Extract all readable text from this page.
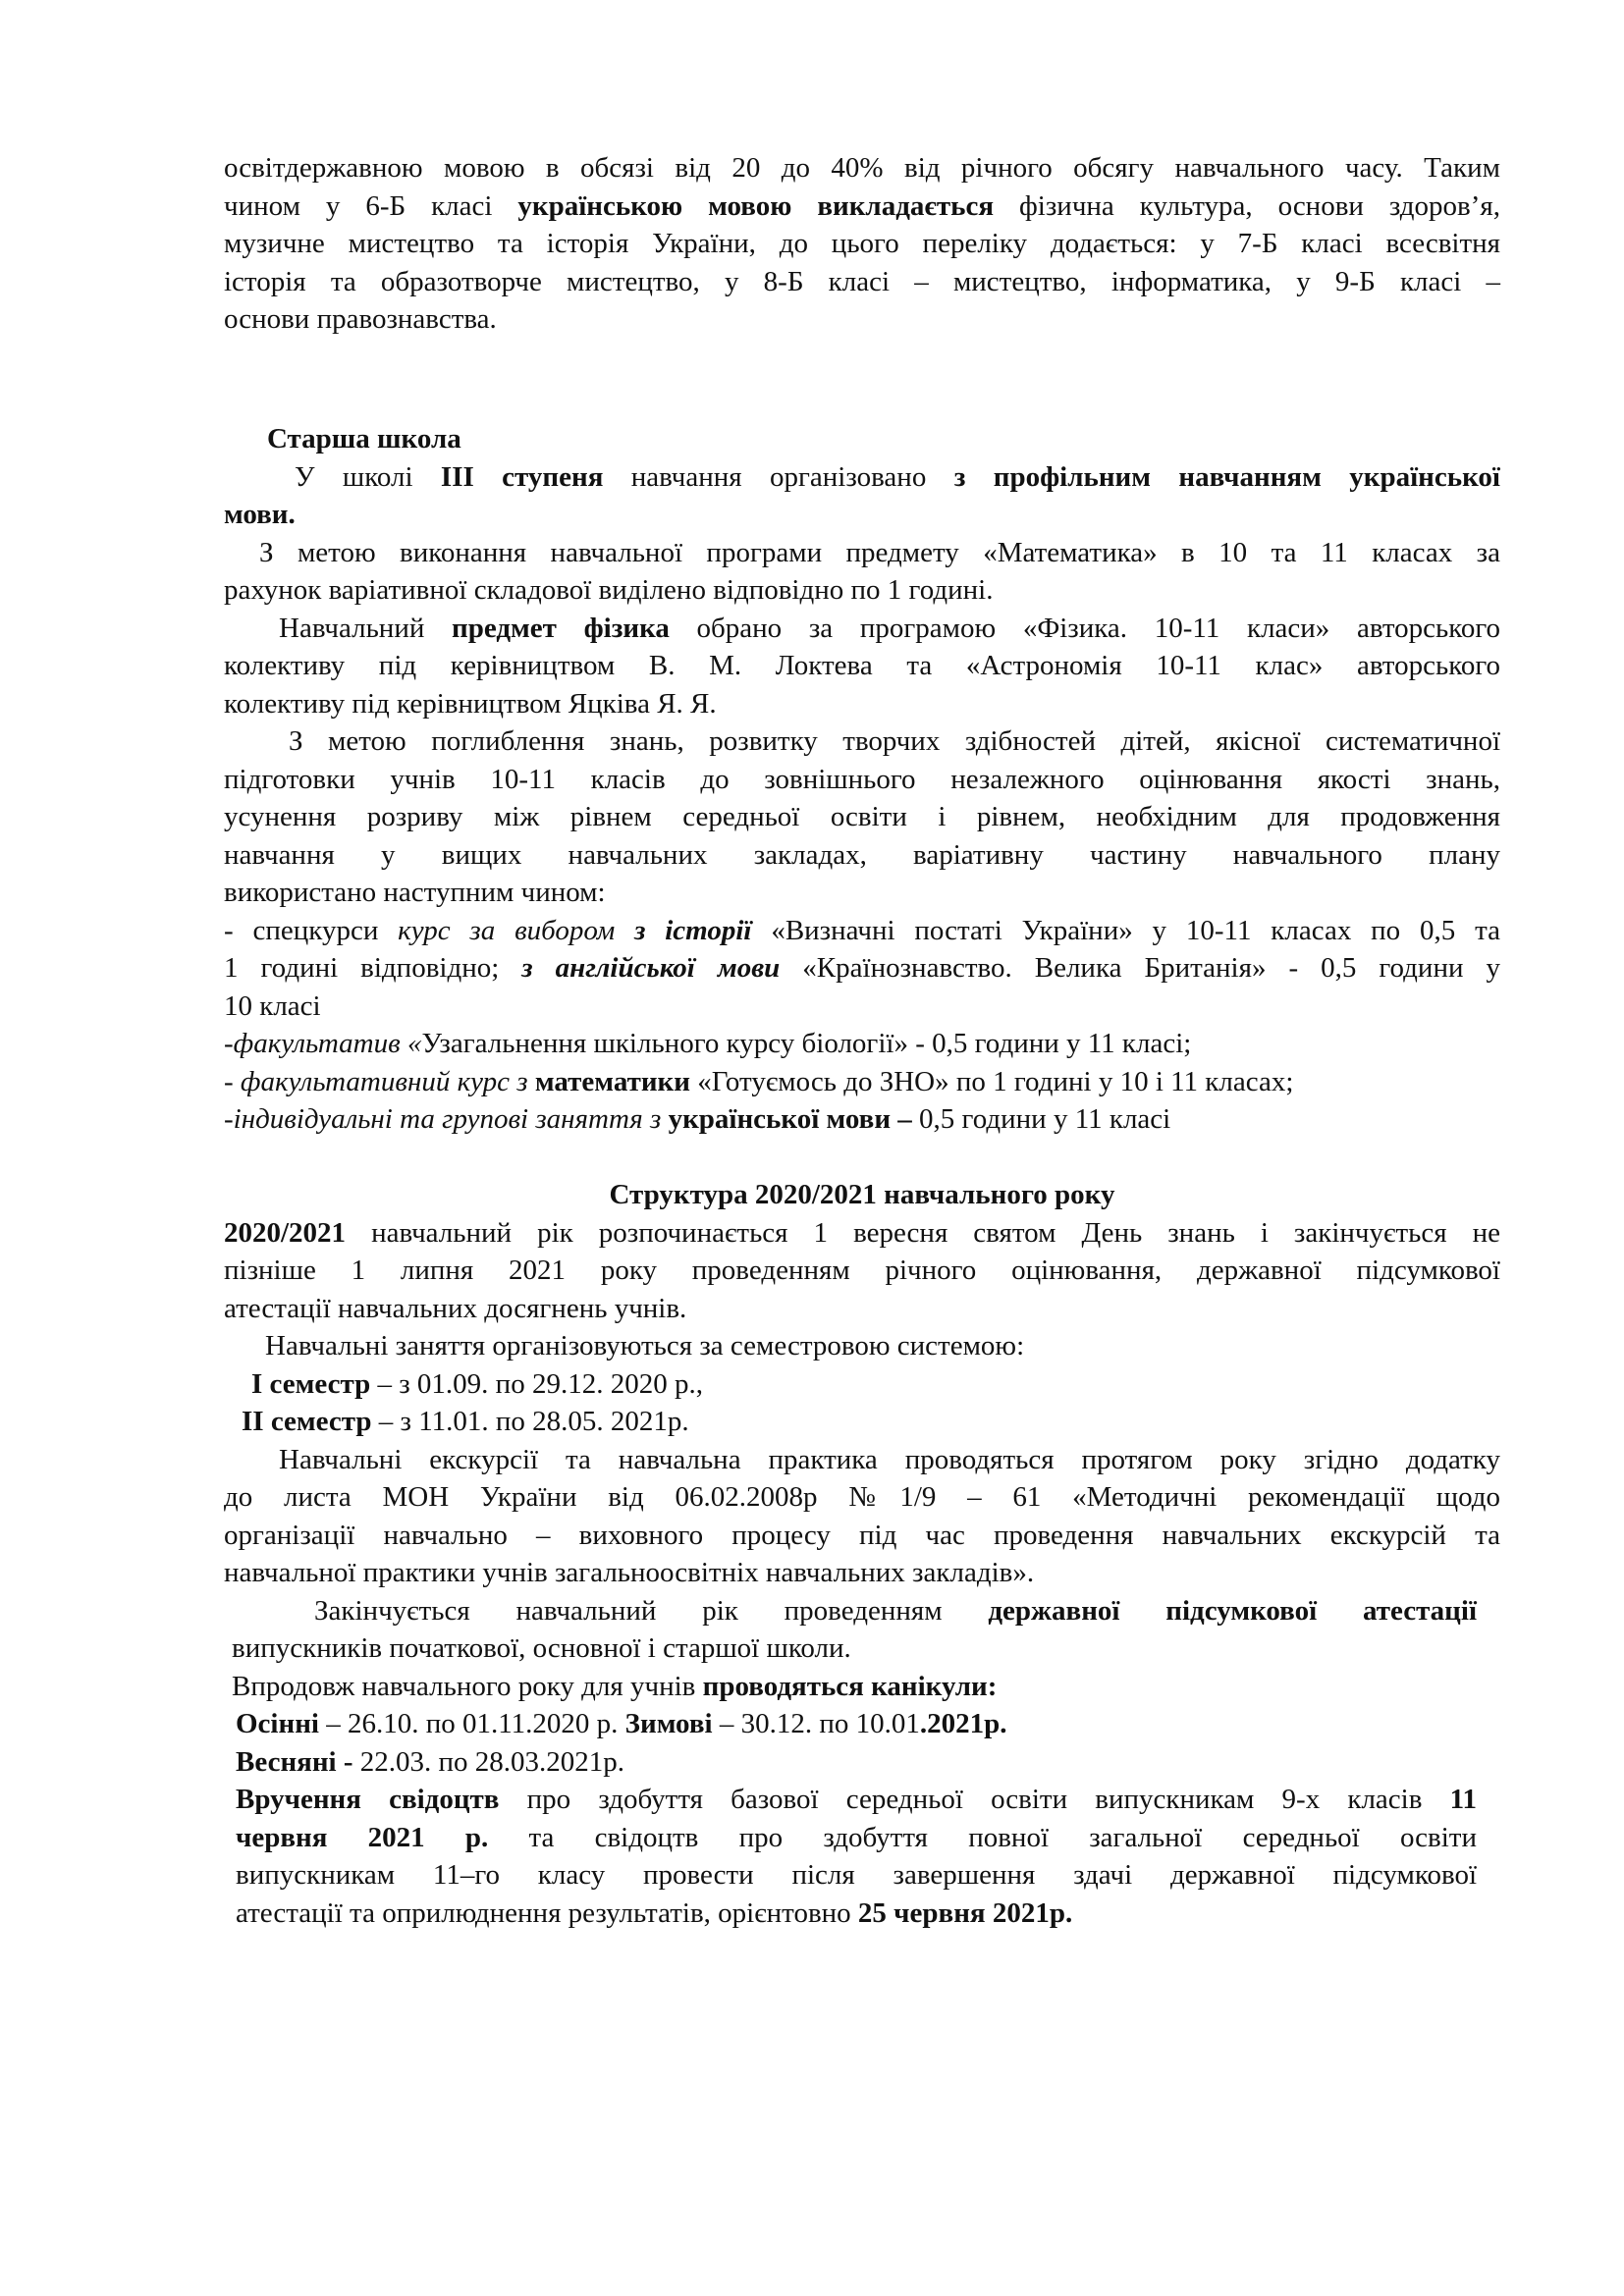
освітдержавною мовою в обсязі від 20 до 40% від річного обсягу навчального часу. Таким
чином у 6-Б класі українською мовою викладається фізична культура, основи здоров’я,
музичне мистецтво та історія України, до цього переліку додається: у 7-Б класі всесвітня
історія та образотворче мистецтво, у 8-Б класі – мистецтво, інформатика, у 9-Б класі –
основи правознавства.
Старша школа
У школі ІІІ ступеня навчання організовано з профільним навчанням української
мови.
З метою виконання навчальної програми предмету «Математика» в 10 та 11 класах за
рахунок варіативної складової виділено відповідно по 1 годині.
Навчальний предмет фізика обрано за програмою «Фізика. 10-11 класи» авторського
колективу під керівництвом В. М. Локтева та «Астрономія 10-11 клас» авторського
колективу під керівництвом Яцківа Я. Я.
З метою поглиблення знань, розвитку творчих здібностей дітей, якісної систематичної
підготовки учнів 10-11 класів до зовнішнього незалежного оцінювання якості знань,
усунення розриву між рівнем середньої освіти і рівнем, необхідним для продовження
навчання у вищих навчальних закладах, варіативну частину навчального плану
використано наступним чином:
- спецкурси курс за вибором з історії «Визначні постаті України» у 10-11 класах по 0,5 та
1 годині відповідно; з англійської мови «Країнознавство. Велика Британія» - 0,5 години у
10 класі
-факультатив «Узагальнення шкільного курсу біології» - 0,5 години у 11 класі;
- факультативний курс з математики «Готуємось до ЗНО» по 1 годині у 10 і 11 класах;
-індивідуальні та групові заняття з української мови – 0,5 години у 11 класі
Структура 2020/2021 навчального року
2020/2021 навчальний рік розпочинається 1 вересня святом День знань і закінчується не
пізніше 1 липня 2021 року проведенням річного оцінювання, державної підсумкової
атестації навчальних досягнень учнів.
Навчальні заняття організовуються за семестровою системою:
І семестр – з 01.09. по 29.12. 2020 р.,
ІІ семестр – з 11.01. по 28.05. 2021р.
Навчальні екскурсії та навчальна практика проводяться протягом року згідно додатку
до листа МОН України від 06.02.2008р №1/9 – 61 «Методичні рекомендації щодо
організації навчально – виховного процесу під час проведення навчальних екскурсій та
навчальної практики учнів загальноосвітніх навчальних закладів».
Закінчується навчальний рік проведенням державної підсумкової атестації
випускників початкової, основної і старшої школи.
Впродовж навчального року для учнів проводяться канікули:
Осінні – 26.10. по 01.11.2020 р. Зимові – 30.12. по 10.01.2021р.
Весняні - 22.03. по 28.03.2021р.
Вручення свідоцтв про здобуття базової середньої освіти випускникам 9-х класів 11
червня 2021 р. та свідоцтв про здобуття повної загальної середньої освіти
випускникам 11–го класу провести після завершення здачі державної підсумкової
атестації та оприлюднення результатів, орієнтовно 25 червня 2021р.
